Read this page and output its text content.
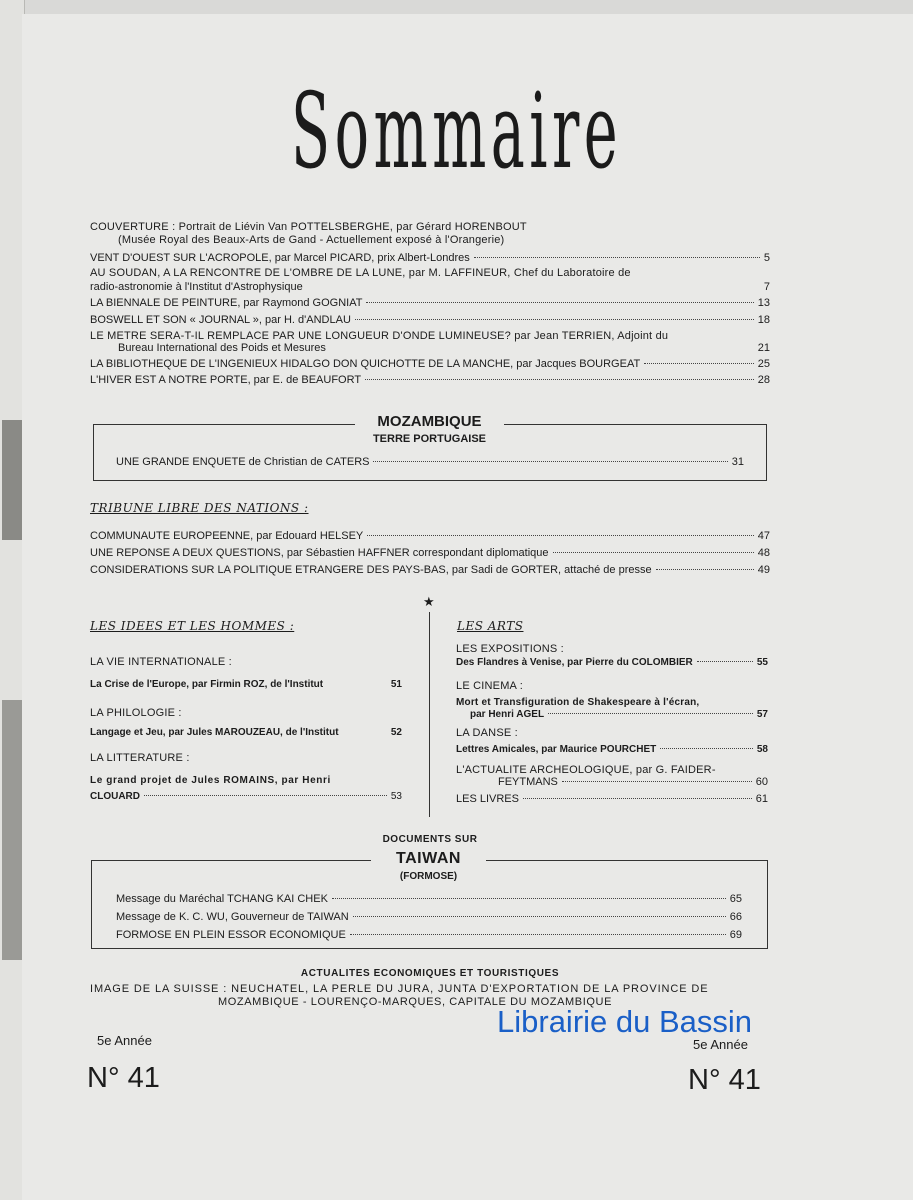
Sommaire
COUVERTURE : Portrait de Liévin Van POTTELSBERGHE, par Gérard HORENBOUT
(Musée Royal des Beaux-Arts de Gand - Actuellement exposé à l'Orangerie)
VENT D'OUEST SUR L'ACROPOLE, par Marcel PICARD, prix Albert-Londres	5
AU SOUDAN, A LA RENCONTRE DE L'OMBRE DE LA LUNE, par M. LAFFINEUR, Chef du Laboratoire de
radio-astronomie à l'Institut d'Astrophysique	7
LA BIENNALE DE PEINTURE, par Raymond GOGNIAT	13
BOSWELL ET SON « JOURNAL », par H. d'ANDLAU	18
LE METRE SERA-T-IL REMPLACE PAR UNE LONGUEUR D'ONDE LUMINEUSE? par Jean TERRIEN, Adjoint du
Bureau International des Poids et Mesures	21
LA BIBLIOTHEQUE DE L'INGENIEUX HIDALGO DON QUICHOTTE DE LA MANCHE, par Jacques BOURGEAT	25
L'HIVER EST A NOTRE PORTE, par E. de BEAUFORT	28
MOZAMBIQUE
TERRE PORTUGAISE
UNE GRANDE ENQUETE de Christian de CATERS	31
TRIBUNE LIBRE DES NATIONS :
COMMUNAUTE EUROPEENNE, par Edouard HELSEY	47
UNE REPONSE A DEUX QUESTIONS, par Sébastien HAFFNER correspondant diplomatique	48
CONSIDERATIONS SUR LA POLITIQUE ETRANGERE DES PAYS-BAS, par Sadi de GORTER, attaché de presse	49
★
LES IDEES ET LES HOMMES :
LA VIE INTERNATIONALE :
La Crise de l'Europe, par Firmin ROZ, de l'Institut	51
LA PHILOLOGIE :
Langage et Jeu, par Jules MAROUZEAU, de l'Institut	52
LA LITTERATURE :
Le grand projet de Jules ROMAINS, par Henri
CLOUARD	53
LES ARTS
LES EXPOSITIONS :
Des Flandres à Venise, par Pierre du COLOMBIER	55
LE CINEMA :
Mort et Transfiguration de Shakespeare à l'écran,
par Henri AGEL	57
LA DANSE :
Lettres Amicales, par Maurice POURCHET	58
L'ACTUALITE ARCHEOLOGIQUE, par G. FAIDER-
FEYTMANS	60
LES LIVRES	61
DOCUMENTS SUR
TAIWAN
(FORMOSE)
Message du Maréchal TCHANG KAI CHEK	65
Message de K. C. WU, Gouverneur de TAIWAN	66
FORMOSE EN PLEIN ESSOR ECONOMIQUE	69
ACTUALITES ECONOMIQUES ET TOURISTIQUES
IMAGE DE LA SUISSE : NEUCHATEL, LA PERLE DU JURA, JUNTA D'EXPORTATION DE LA PROVINCE DE
MOZAMBIQUE - LOURENÇO-MARQUES, CAPITALE DU MOZAMBIQUE
5e Année
N° 41
Librairie du Bassin
5e Année
N° 41
